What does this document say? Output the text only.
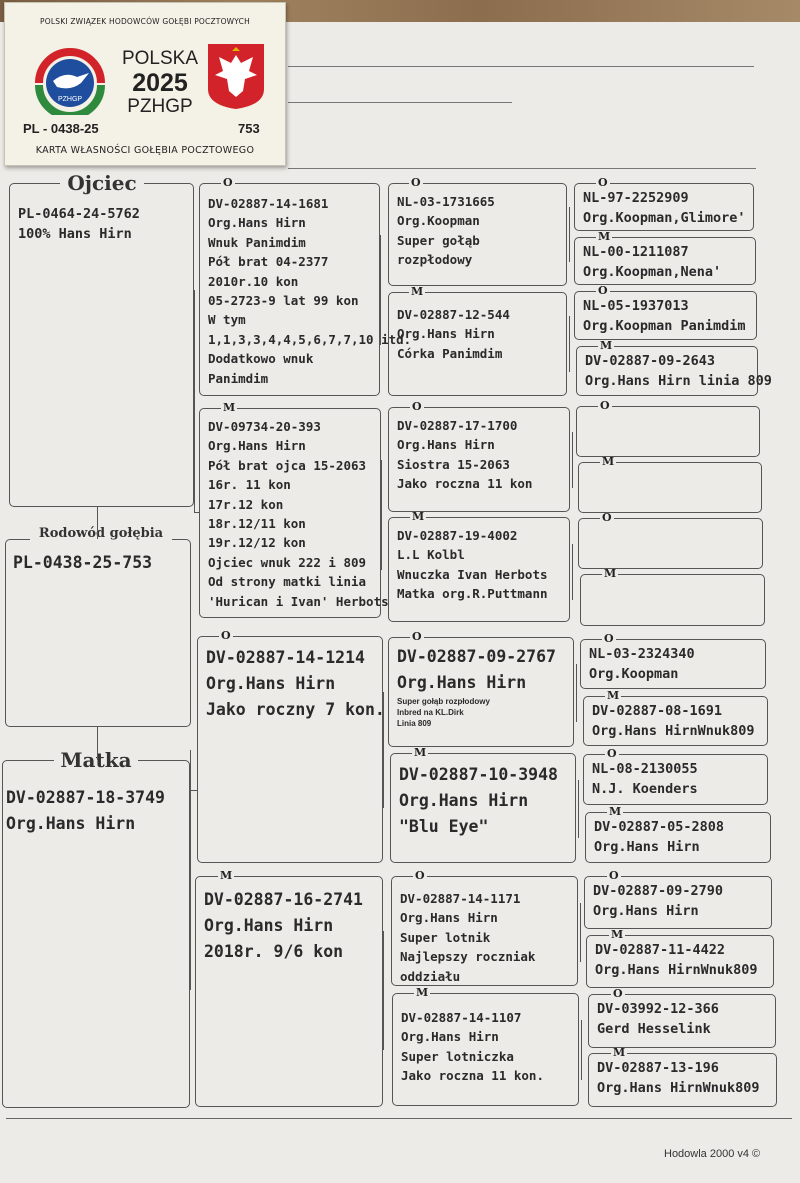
Hodowla 2000 v4 ©
PL-0464-24-5762
100% Hans Hirn
Ojciec
PL-0438-25-753
Rodowód gołębia
DV-02887-18-3749
Org.Hans Hirn
Matka
DV-02887-14-1681
Org.Hans Hirn
Wnuk Panimdim
Pół brat 04-2377
2010r.10 kon
05-2723-9 lat 99 kon
W tym
1,1,3,3,4,4,5,6,7,7,10 itd.
Dodatkowo wnuk
Panimdim
O
DV-09734-20-393
Org.Hans Hirn
Pół brat ojca 15-2063
16r. 11 kon
17r.12 kon
18r.12/11 kon
19r.12/12 kon
Ojciec wnuk 222 i 809
Od strony matki linia
'Hurican i Ivan' Herbots
M
DV-02887-14-1214
Org.Hans Hirn
Jako roczny 7 kon.
O
DV-02887-16-2741
Org.Hans Hirn
2018r. 9/6 kon
M
NL-03-1731665
Org.Koopman
Super gołąb
rozpłodowy
O
DV-02887-12-544
Org.Hans Hirn
Córka Panimdim
M
DV-02887-17-1700
Org.Hans Hirn
Siostra 15-2063
Jako roczna 11 kon
O
DV-02887-19-4002
L.L Kolbl
Wnuczka Ivan Herbots
Matka org.R.Puttmann
M
DV-02887-09-2767
Org.Hans Hirn
Super gołąb rozpłodowy
Inbred na KL.Dirk
Linia 809
O
DV-02887-10-3948
Org.Hans Hirn
"Blu Eye"
M
DV-02887-14-1171
Org.Hans Hirn
Super lotnik
Najlepszy roczniak
oddziału
O
DV-02887-14-1107
Org.Hans Hirn
Super lotniczka
Jako roczna 11 kon.
M
NL-97-2252909
Org.Koopman,Glimore'
O
NL-00-1211087
Org.Koopman,Nena'
M
NL-05-1937013
Org.Koopman Panimdim
O
DV-02887-09-2643
Org.Hans Hirn linia 809
M
O
M
O
M
NL-03-2324340
Org.Koopman
O
DV-02887-08-1691
Org.Hans HirnWnuk809
M
NL-08-2130055
N.J. Koenders
O
DV-02887-05-2808
Org.Hans Hirn
M
DV-02887-09-2790
Org.Hans Hirn
O
DV-02887-11-4422
Org.Hans HirnWnuk809
M
DV-03992-12-366
Gerd Hesselink
O
DV-02887-13-196
Org.Hans HirnWnuk809
M
POLSKI ZWIĄZEK HODOWCÓW GOŁĘBI POCZTOWYCH
PZHGP
POLSKA
2025
PZHGP
PL - 0438-25	753
KARTA WŁASNOŚCI GOŁĘBIA POCZTOWEGO
